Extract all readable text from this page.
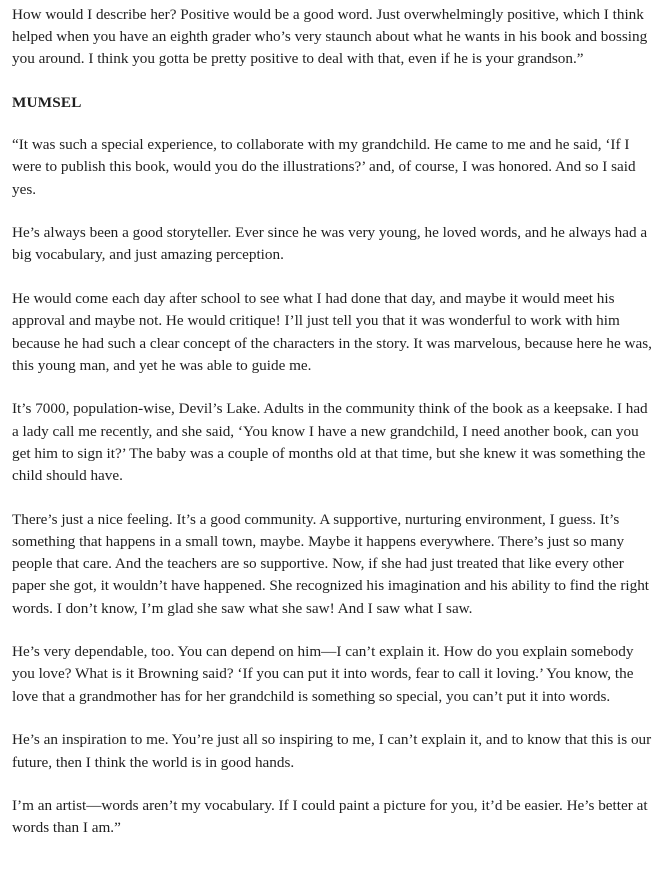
How would I describe her? Positive would be a good word. Just overwhelmingly positive, which I think helped when you have an eighth grader who’s very staunch about what he wants in his book and bossing you around. I think you gotta be pretty positive to deal with that, even if he is your grandson.”

MUMSEL

“It was such a special experience, to collaborate with my grandchild. He came to me and he said, ‘If I were to publish this book, would you do the illustrations?’ and, of course, I was honored. And so I said yes.

He’s always been a good storyteller. Ever since he was very young, he loved words, and he always had a big vocabulary, and just amazing perception.

He would come each day after school to see what I had done that day, and maybe it would meet his approval and maybe not. He would critique! I’ll just tell you that it was wonderful to work with him because he had such a clear concept of the characters in the story. It was marvelous, because here he was, this young man, and yet he was able to guide me.

It’s 7000, population-wise, Devil’s Lake. Adults in the community think of the book as a keepsake. I had a lady call me recently, and she said, ‘You know I have a new grandchild, I need another book, can you get him to sign it?’ The baby was a couple of months old at that time, but she knew it was something the child should have.

There’s just a nice feeling. It’s a good community. A supportive, nurturing environment, I guess. It’s something that happens in a small town, maybe. Maybe it happens everywhere. There’s just so many people that care. And the teachers are so supportive. Now, if she had just treated that like every other paper she got, it wouldn’t have happened. She recognized his imagination and his ability to find the right words. I don’t know, I’m glad she saw what she saw! And I saw what I saw.

He’s very dependable, too. You can depend on him—I can’t explain it. How do you explain somebody you love? What is it Browning said? ‘If you can put it into words, fear to call it loving.’ You know, the love that a grandmother has for her grandchild is something so special, you can’t put it into words.

He’s an inspiration to me. You’re just all so inspiring to me, I can’t explain it, and to know that this is our future, then I think the world is in good hands.

I’m an artist—words aren’t my vocabulary. If I could paint a picture for you, it’d be easier. He’s better at words than I am.”
